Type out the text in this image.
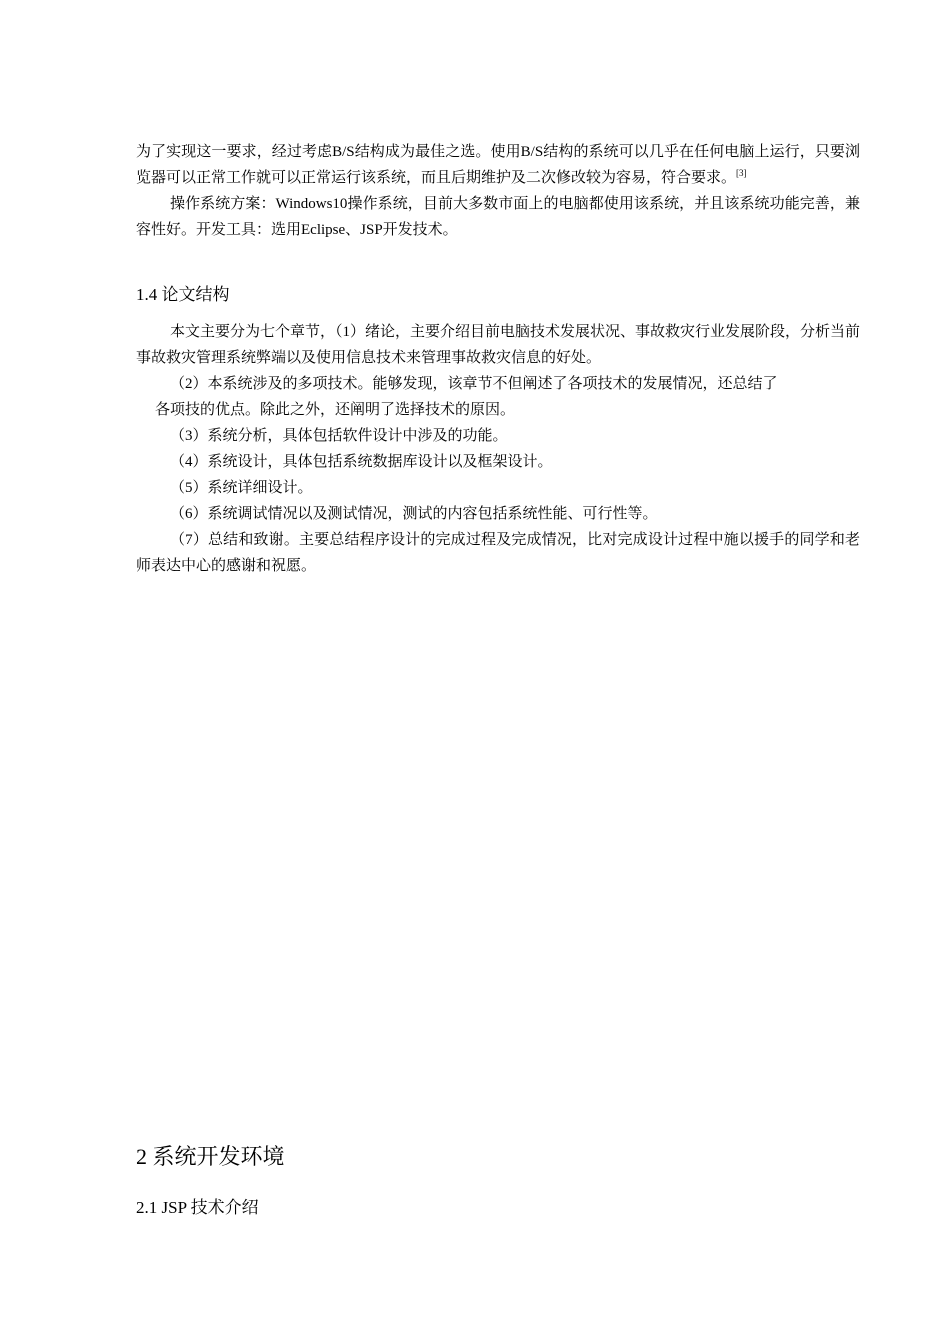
为了实现这一要求，经过考虑B/S结构成为最佳之选。使用B/S结构的系统可以几乎在任何电脑上运行，只要浏览器可以正常工作就可以正常运行该系统，而且后期维护及二次修改较为容易，符合要求。[3]

操作系统方案：Windows10操作系统，目前大多数市面上的电脑都使用该系统，并且该系统功能完善，兼容性好。开发工具：选用Eclipse、JSP开发技术。

1.4 论文结构

本文主要分为七个章节，（1）绪论，主要介绍目前电脑技术发展状况、事故救灾行业发展阶段，分析当前事故救灾管理系统弊端以及使用信息技术来管理事故救灾信息的好处。

（2）本系统涉及的多项技术。能够发现，该章节不但阐述了各项技术的发展情况，还总结了

各项技的优点。除此之外，还阐明了选择技术的原因。

（3）系统分析，具体包括软件设计中涉及的功能。

（4）系统设计，具体包括系统数据库设计以及框架设计。

（5）系统详细设计。

（6）系统调试情况以及测试情况，测试的内容包括系统性能、可行性等。

（7）总结和致谢。主要总结程序设计的完成过程及完成情况，比对完成设计过程中施以援手的同学和老师表达中心的感谢和祝愿。

2 系统开发环境
2.1 JSP 技术介绍
